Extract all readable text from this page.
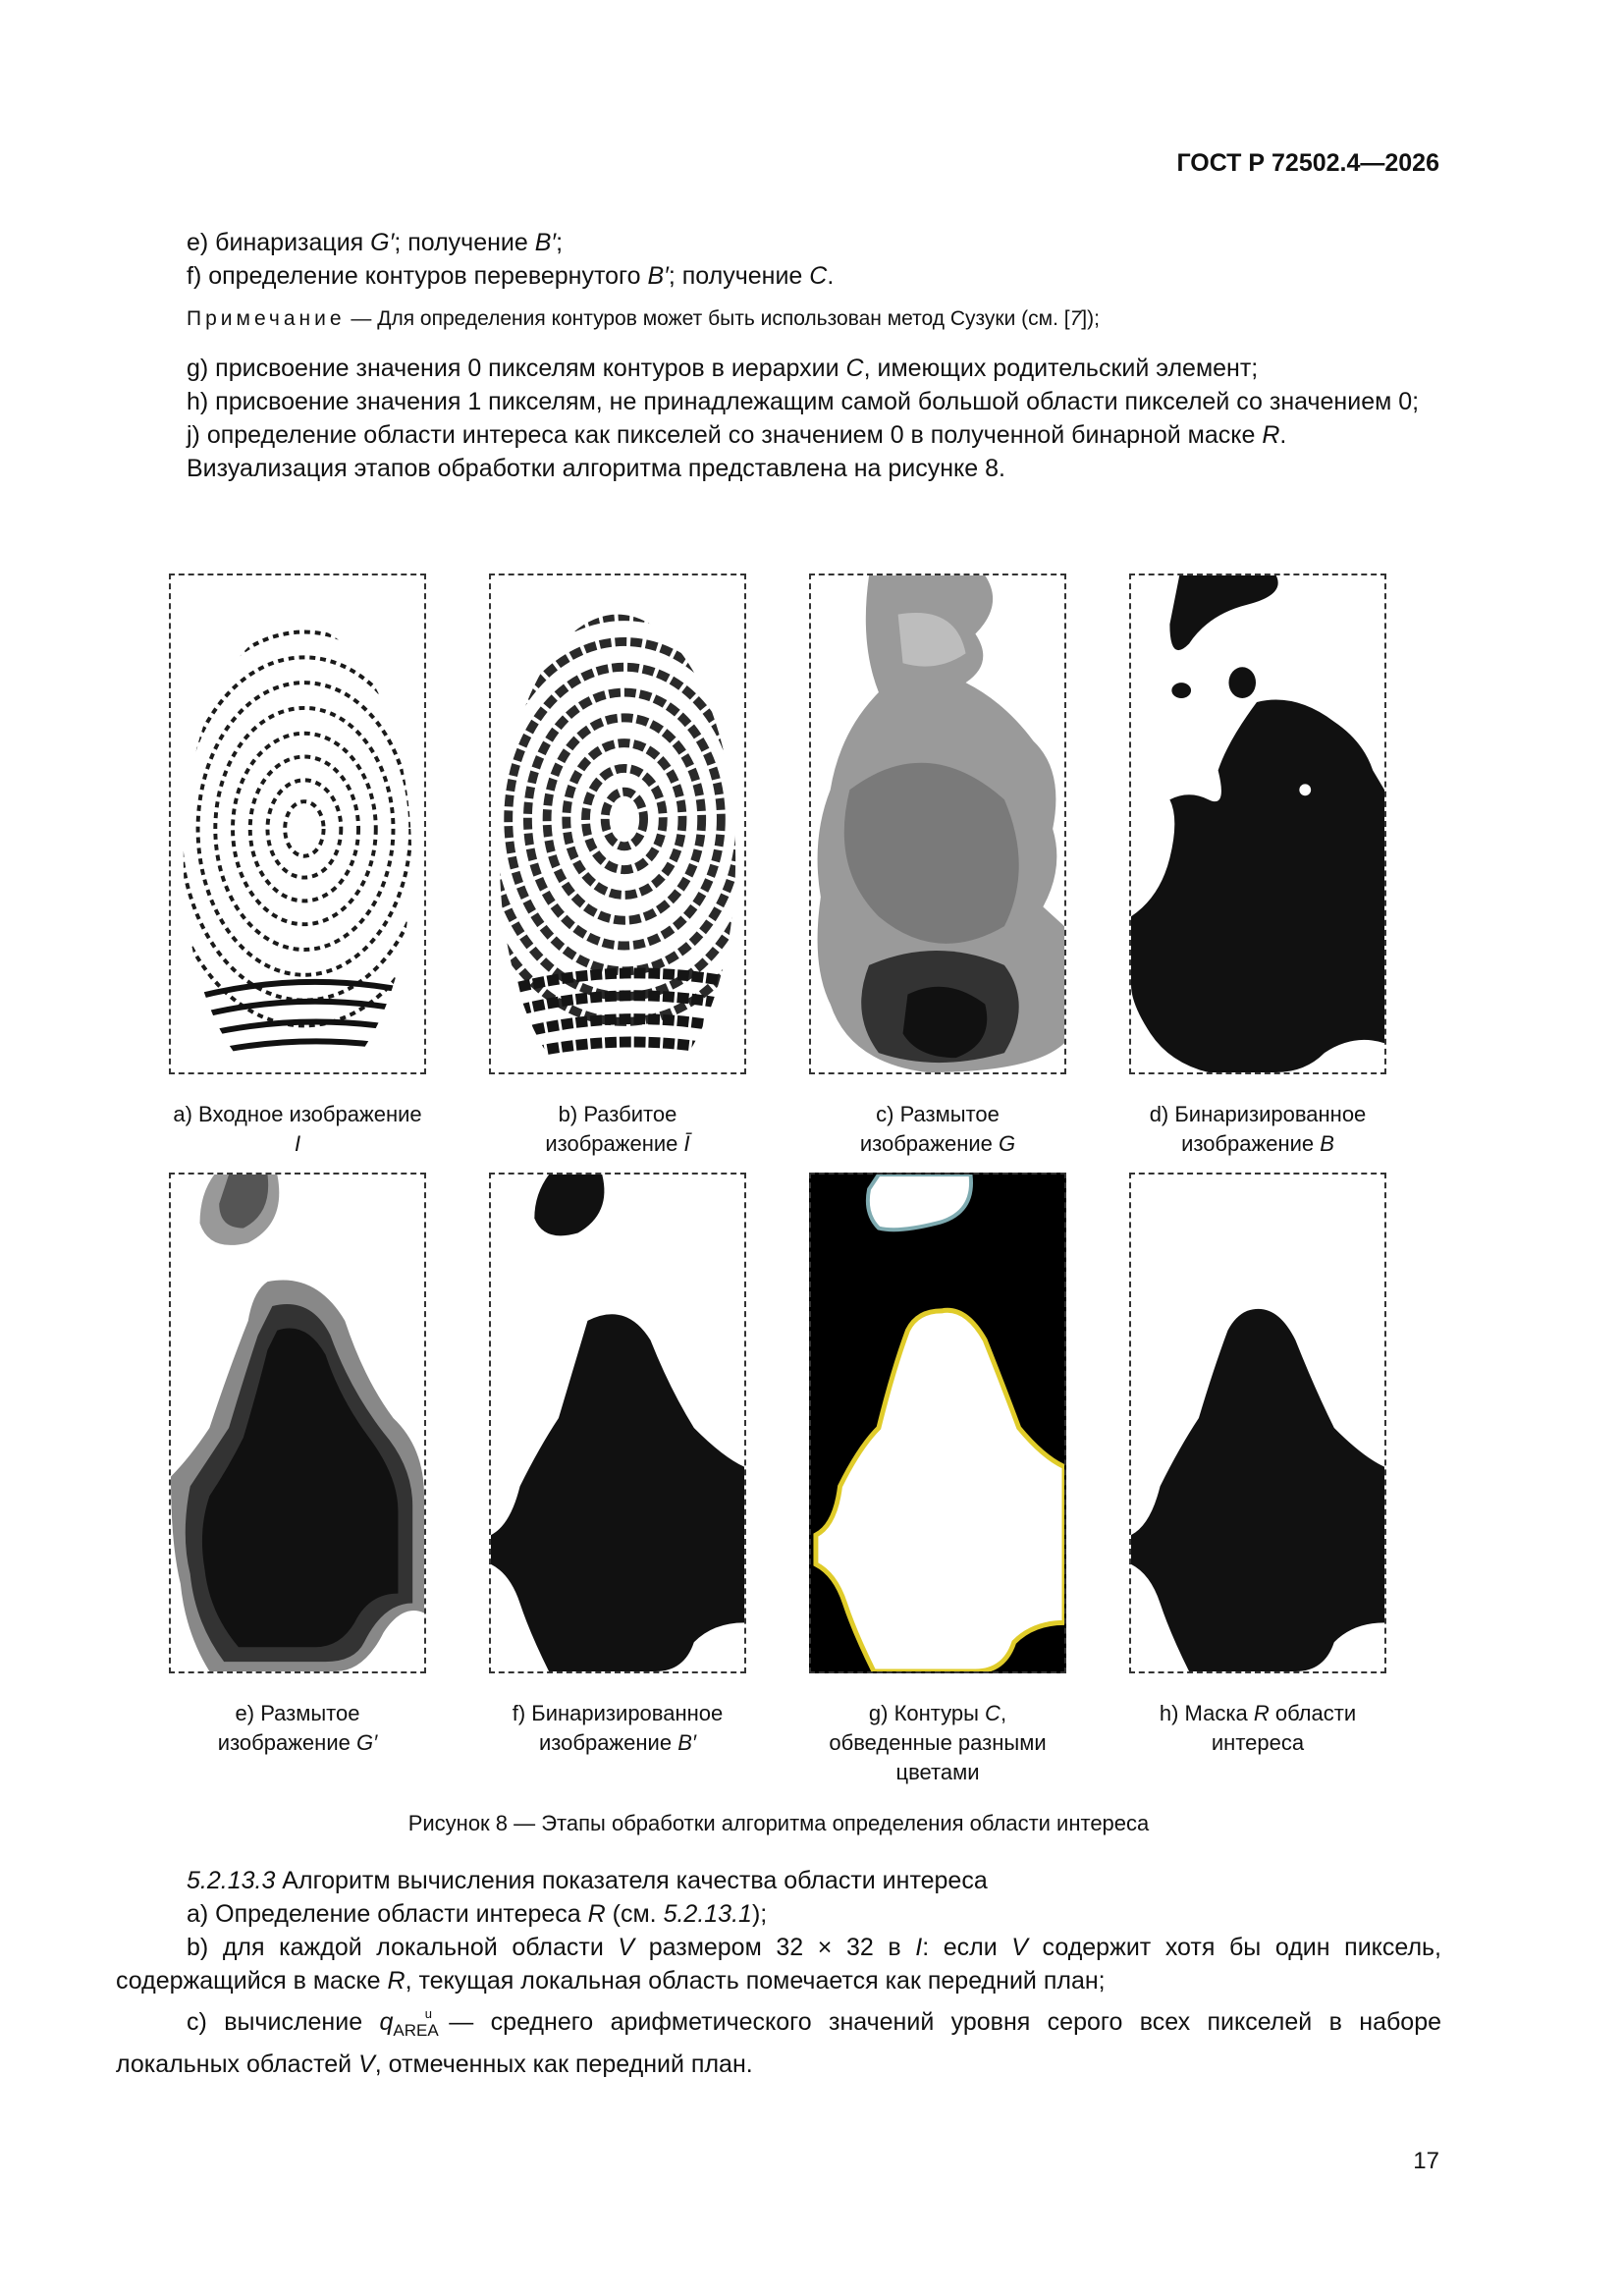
ГОСТ Р 72502.4—2026

e) бинаризация G′; получение B′;

f) определение контуров перевернутого B′; получение C.

Примечание — Для определения контуров может быть использован метод Сузуки (см. [7]);

g) присвоение значения 0 пикселям контуров в иерархии C, имеющих родительский элемент;

h) присвоение значения 1 пикселям, не принадлежащим самой большой области пикселей со значением 0;

j) определение области интереса как пикселей со значением 0 в полученной бинарной маске R.

Визуализация этапов обработки алгоритма представлена на рисунке 8.

a) Входное изображение
I
b) Разбитое
изображение Ī
c) Размытое
изображение G
d) Бинаризированное
изображение B
e) Размытое
изображение G′
f) Бинаризированное
изображение B′
g) Контуры C,
обведенные разными
цветами
h) Маска R области
интереса
Рисунок 8 — Этапы обработки алгоритма определения области интереса

5.2.13.3 Алгоритм вычисления показателя качества области интереса

a) Определение области интереса R (см. 5.2.13.1);

b) для каждой локальной области V размером 32 × 32 в I: если V содержит хотя бы один пиксель, содержащийся в маске R, текущая локальная область помечается как передний план;

c) вычисление $q_{AREA}^u$ — среднего арифметического значений уровня серого всех пикселей в наборе локальных областей V, отмеченных как передний план.

17
